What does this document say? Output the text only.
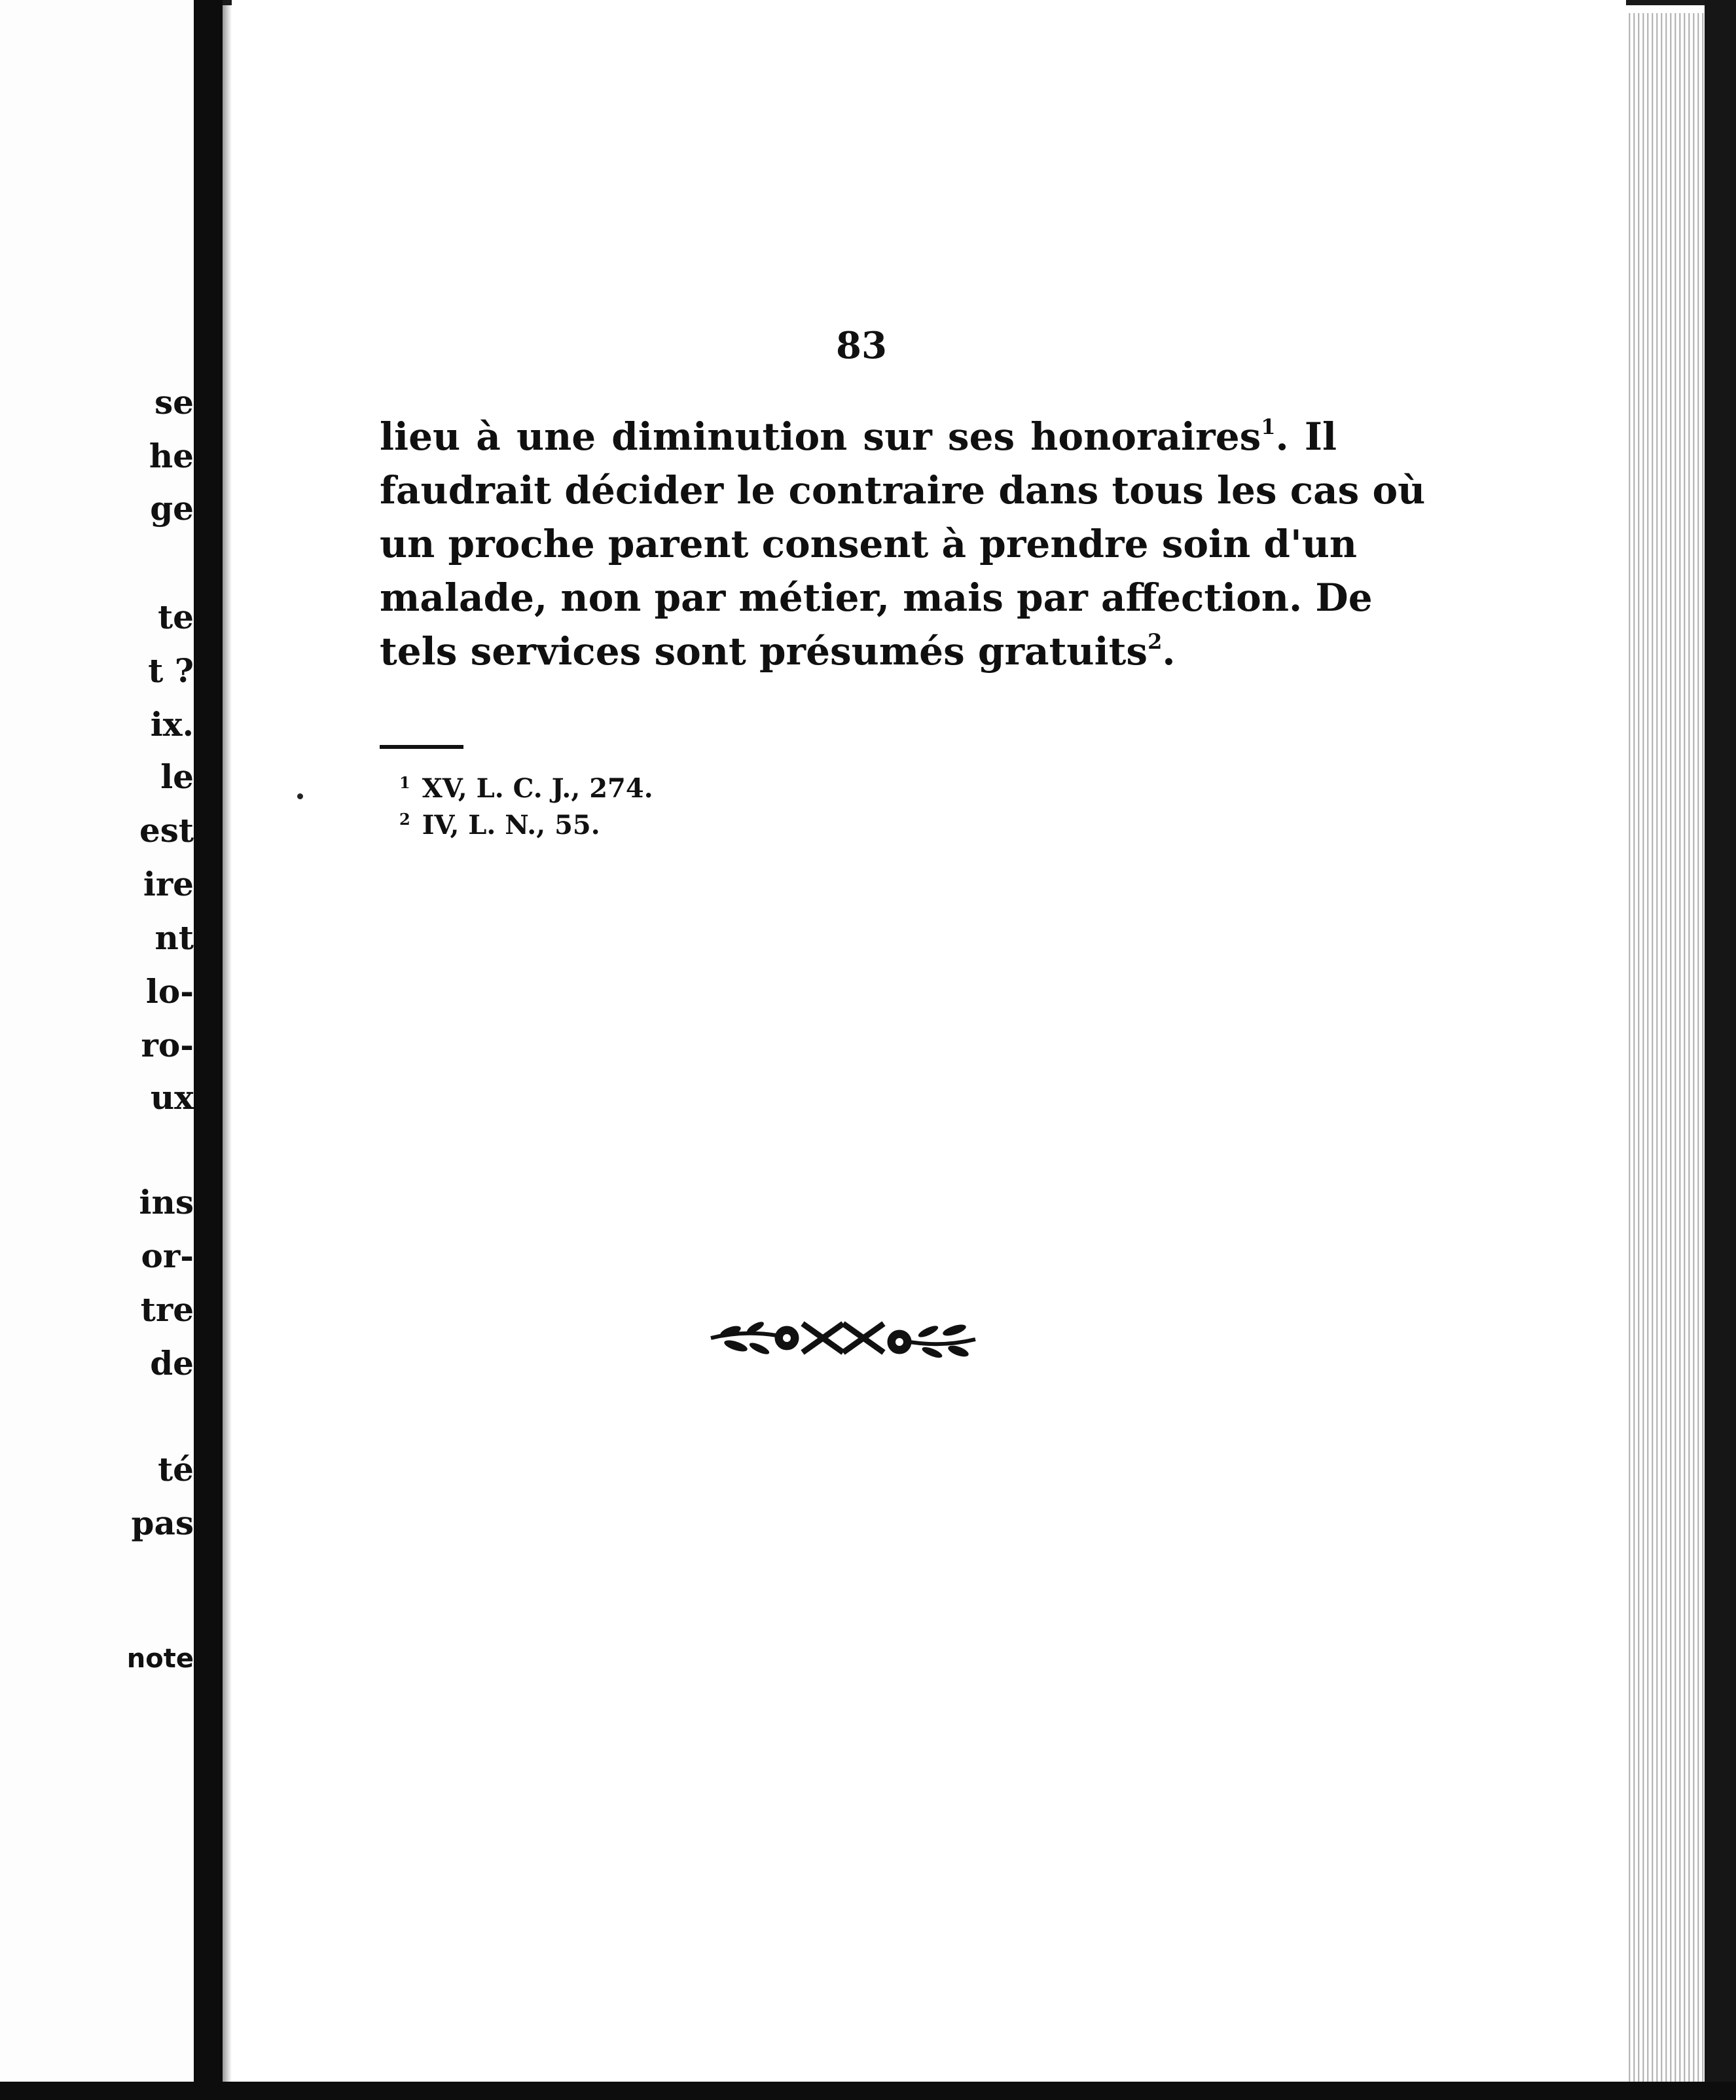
se
he
ge
te
t ?
ix.
le
est
ire
nt
lo-
ro-
ux
ins
or-
tre
de
té
pas
note
83
lieu à une diminution sur ses honoraires$^1$. Il
faudrait décider le contraire dans tous les cas où
un proche parent consent à prendre soin d'un
malade, non par métier, mais par affection. De
tels services sont présumés gratuits$^2$.
$^1$ XV, L. C. J., 274.
$^2$ IV, L. N., 55.
